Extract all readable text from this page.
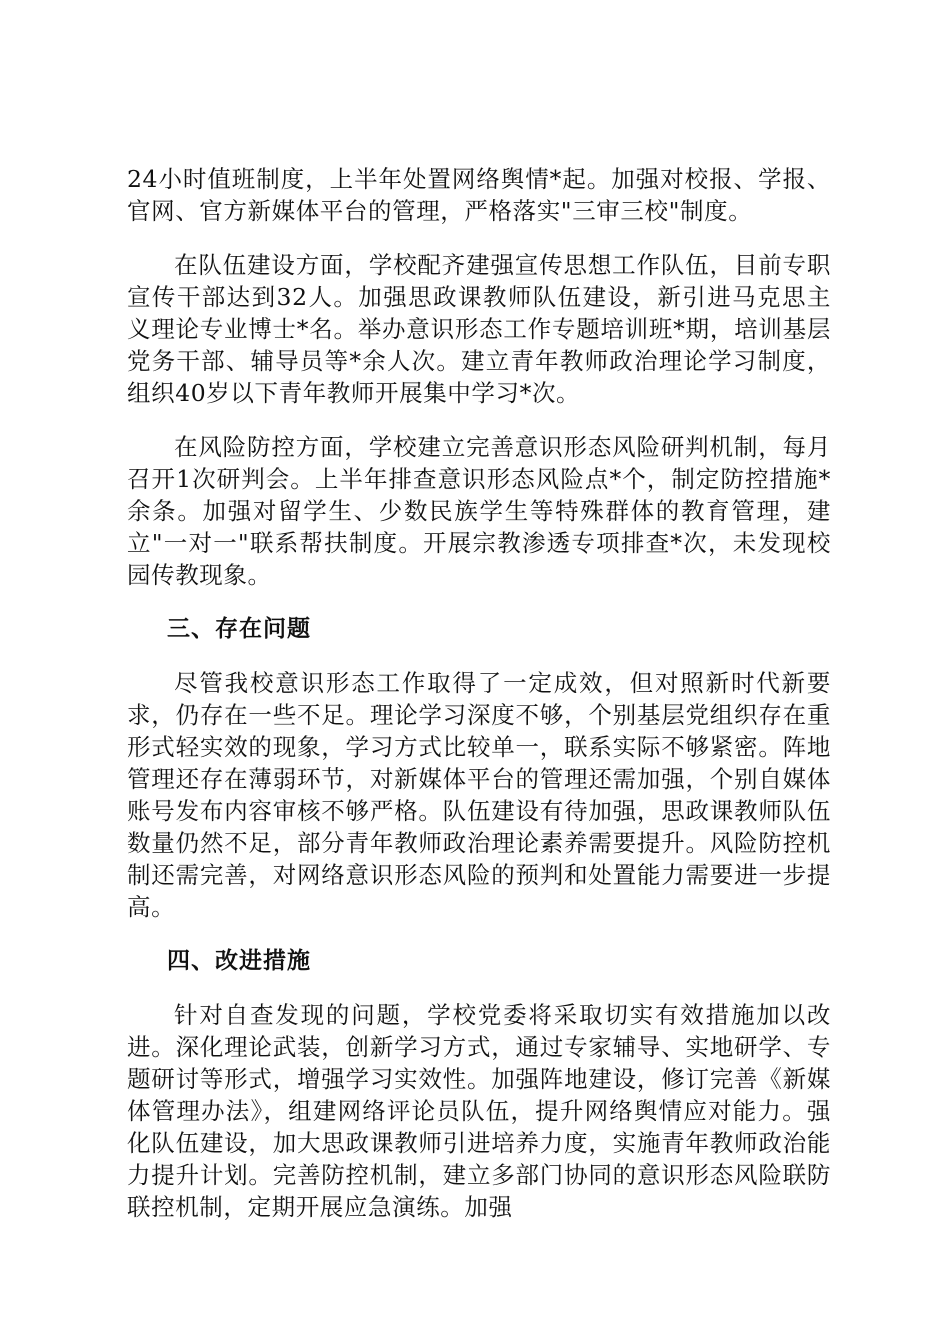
24小时值班制度，上半年处置网络舆情*起。加强对校报、学报、官网、官方新媒体平台的管理，严格落实"三审三校"制度。

在队伍建设方面，学校配齐建强宣传思想工作队伍，目前专职宣传干部达到32人。加强思政课教师队伍建设，新引进马克思主义理论专业博士*名。举办意识形态工作专题培训班*期，培训基层党务干部、辅导员等*余人次。建立青年教师政治理论学习制度，组织40岁以下青年教师开展集中学习*次。

在风险防控方面，学校建立完善意识形态风险研判机制，每月召开1次研判会。上半年排查意识形态风险点*个，制定防控措施*余条。加强对留学生、少数民族学生等特殊群体的教育管理，建立"一对一"联系帮扶制度。开展宗教渗透专项排查*次，未发现校园传教现象。

三、存在问题

尽管我校意识形态工作取得了一定成效，但对照新时代新要求，仍存在一些不足。理论学习深度不够，个别基层党组织存在重形式轻实效的现象，学习方式比较单一，联系实际不够紧密。阵地管理还存在薄弱环节，对新媒体平台的管理还需加强，个别自媒体账号发布内容审核不够严格。队伍建设有待加强，思政课教师队伍数量仍然不足，部分青年教师政治理论素养需要提升。风险防控机制还需完善，对网络意识形态风险的预判和处置能力需要进一步提高。

四、改进措施

针对自查发现的问题，学校党委将采取切实有效措施加以改进。深化理论武装，创新学习方式，通过专家辅导、实地研学、专题研讨等形式，增强学习实效性。加强阵地建设，修订完善《新媒体管理办法》，组建网络评论员队伍，提升网络舆情应对能力。强化队伍建设，加大思政课教师引进培养力度，实施青年教师政治能力提升计划。完善防控机制，建立多部门协同的意识形态风险联防联控机制，定期开展应急演练。加强
